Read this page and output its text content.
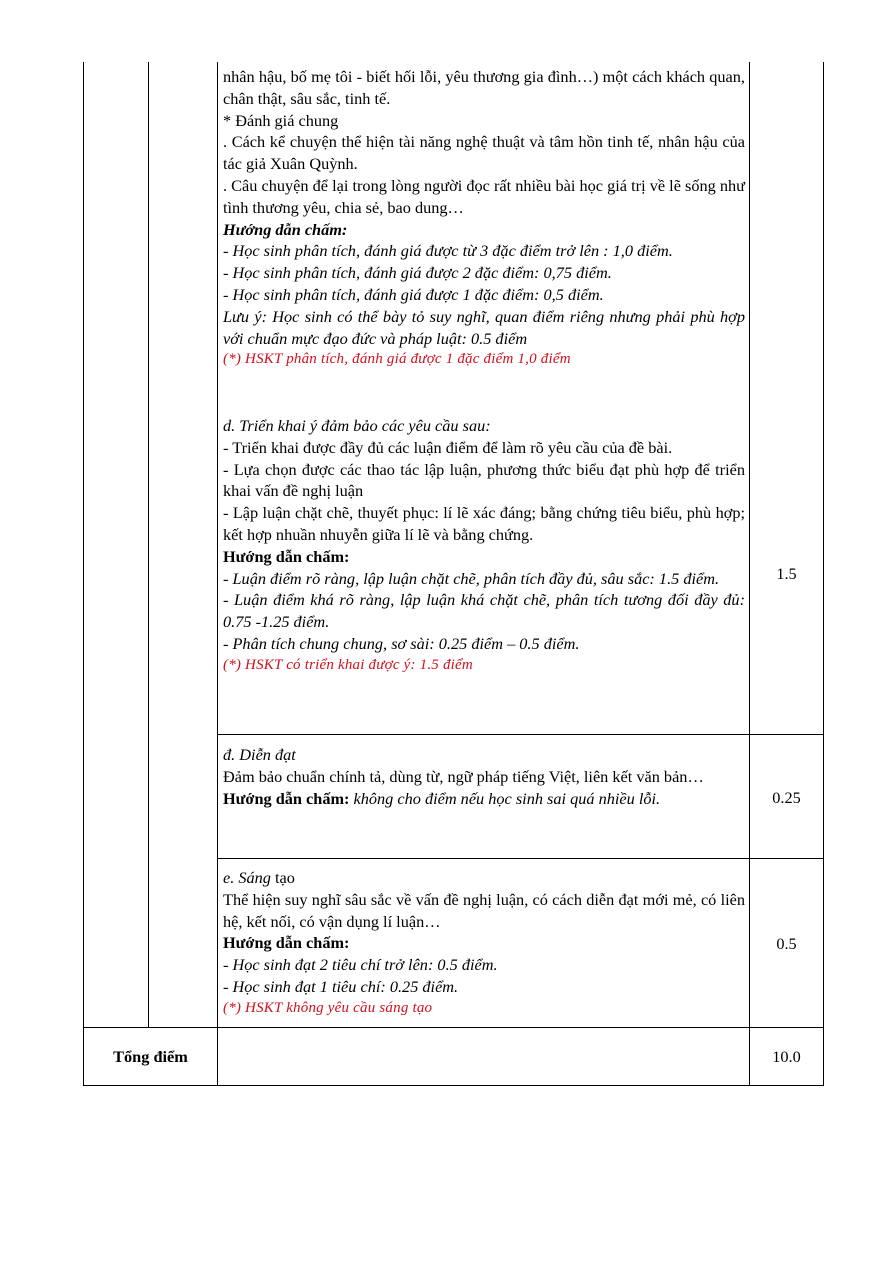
nhân hậu, bố mẹ tôi - biết hối lỗi, yêu thương gia đình…) một cách khách quan, chân thật, sâu sắc, tinh tế.

* Đánh giá chung

. Cách kể chuyện thể hiện tài năng nghệ thuật và tâm hồn tinh tế, nhân hậu của tác giả Xuân Quỳnh.

. Câu chuyện để lại trong lòng người đọc rất nhiều bài học giá trị về lẽ sống như tình thương yêu, chia sẻ, bao dung…

Hướng dẫn chấm:

- Học sinh phân tích, đánh giá được từ 3 đặc điểm trở lên : 1,0 điểm.

- Học sinh phân tích, đánh giá được 2 đặc điểm: 0,75 điểm.

- Học sinh phân tích, đánh giá được 1 đặc điểm: 0,5 điểm.

Lưu ý: Học sinh có thể bày tỏ suy nghĩ, quan điểm riêng nhưng phải phù hợp với chuẩn mực đạo đức và pháp luật: 0.5 điểm

(*) HSKT phân tích, đánh giá được 1 đặc điểm 1,0 điểm

d. Triển khai ý đảm bảo các yêu cầu sau:

- Triển khai được đầy đủ các luận điểm để làm rõ yêu cầu của đề bài.

- Lựa chọn được các thao tác lập luận, phương thức biểu đạt phù hợp để triển khai vấn đề nghị luận

- Lập luận chặt chẽ, thuyết phục: lí lẽ xác đáng; bằng chứng tiêu biểu, phù hợp; kết hợp nhuần nhuyễn giữa lí lẽ và bằng chứng.

Hướng dẫn chấm:

- Luận điểm rõ ràng, lập luận chặt chẽ, phân tích đầy đủ, sâu sắc: 1.5 điểm.

- Luận điểm khá rõ ràng, lập luận khá chặt chẽ, phân tích tương đối đầy đủ: 0.75 -1.25 điểm.

- Phân tích chung chung, sơ sài: 0.25 điểm – 0.5 điểm.

(*) HSKT có triển khai được ý: 1.5 điểm

1.5

đ. Diễn đạt

Đảm bảo chuẩn chính tả, dùng từ, ngữ pháp tiếng Việt, liên kết văn bản…

Hướng dẫn chấm: không cho điểm nếu học sinh sai quá nhiều lỗi.	0.25

e. Sáng tạo

Thể hiện suy nghĩ sâu sắc về vấn đề nghị luận, có cách diễn đạt mới mẻ, có liên hệ, kết nối, có vận dụng lí luận…

Hướng dẫn chấm:

- Học sinh đạt 2 tiêu chí trở lên: 0.5 điểm.

- Học sinh đạt 1 tiêu chí: 0.25 điểm.

(*) HSKT không yêu cầu sáng tạo

0.5
Tổng điểm	10.0
